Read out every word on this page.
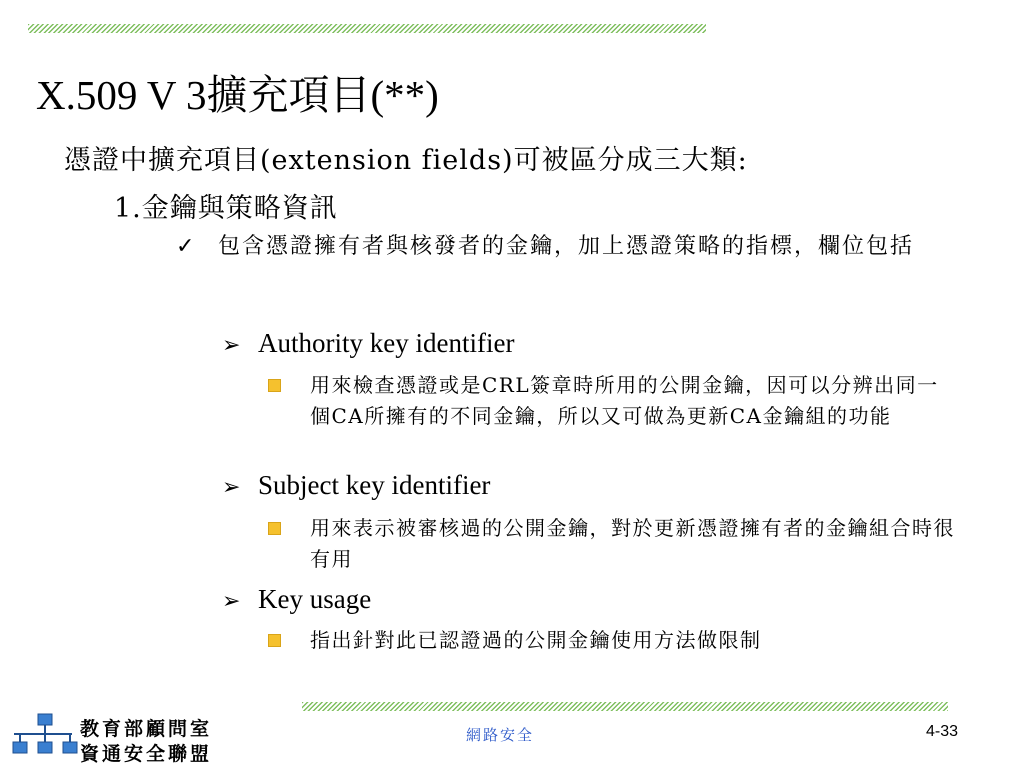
X.509 V 3擴充項目(**)
憑證中擴充項目(extension fields)可被區分成三大類:
1.金鑰與策略資訊
✓ 包含憑證擁有者與核發者的金鑰，加上憑證策略的指標，欄位包括
➢ Authority key identifier
用來檢查憑證或是CRL簽章時所用的公開金鑰，因可以分辨出同一個CA所擁有的不同金鑰，所以又可做為更新CA金鑰組的功能
➢ Subject key identifier
用來表示被審核過的公開金鑰，對於更新憑證擁有者的金鑰組合時很有用
➢ Key usage
指出針對此已認證過的公開金鑰使用方法做限制
教育部顧問室
資通安全聯盟
網路安全	4-33
